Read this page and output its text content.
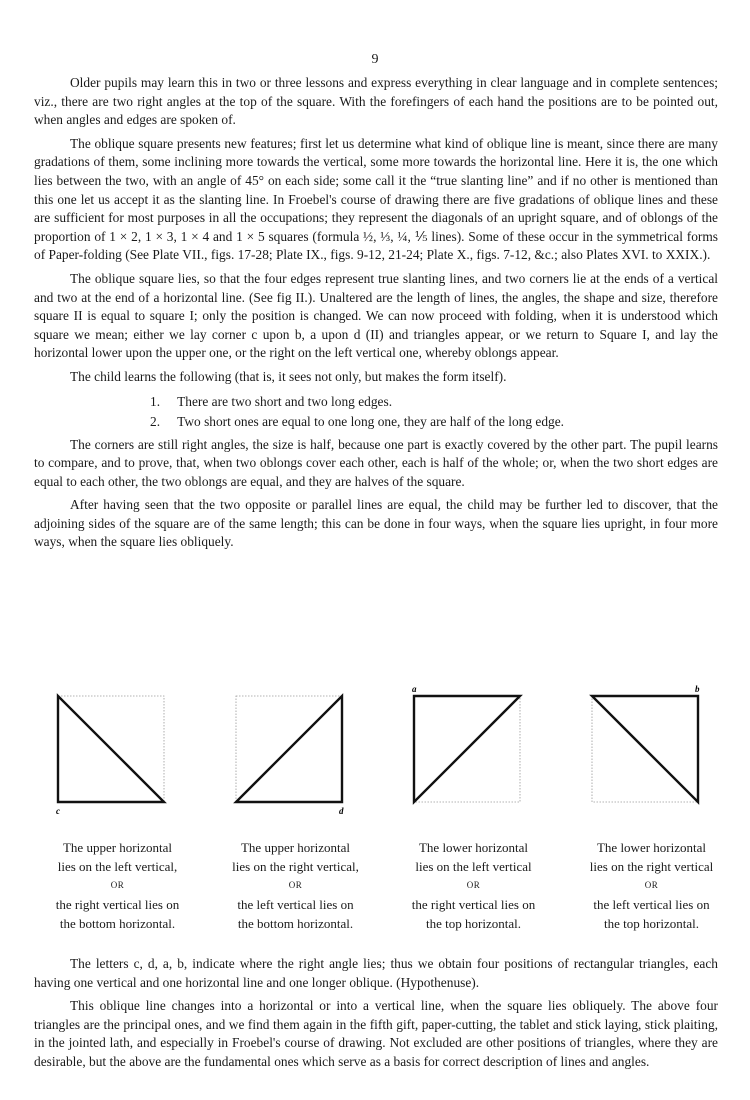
9

Older pupils may learn this in two or three lessons and express everything in clear language and in complete sentences; viz., there are two right angles at the top of the square. With the forefingers of each hand the positions are to be pointed out, when angles and edges are spoken of.

The oblique square presents new features; first let us determine what kind of oblique line is meant, since there are many gradations of them, some inclining more towards the vertical, some more towards the horizontal line. Here it is, the one which lies between the two, with an angle of 45° on each side; some call it the “true slanting line” and if no other is mentioned than this one let us accept it as the slanting line. In Froebel's course of drawing there are five gradations of oblique lines and these are sufficient for most purposes in all the occupations; they represent the diagonals of an upright square, and of oblongs of the proportion of 1 × 2, 1 × 3, 1 × 4 and 1 × 5 squares (formula ½, ⅓, ¼, ⅕ lines). Some of these occur in the symmetrical forms of Paper-folding (See Plate VII., figs. 17-28; Plate IX., figs. 9-12, 21-24; Plate X., figs. 7-12, &c.; also Plates XVI. to XXIX.).

The oblique square lies, so that the four edges represent true slanting lines, and two corners lie at the ends of a vertical and two at the end of a horizontal line. (See fig II.). Unaltered are the length of lines, the angles, the shape and size, therefore square II is equal to square I; only the position is changed. We can now proceed with folding, when it is understood which square we mean; either we lay corner c upon b, a upon d (II) and triangles appear, or we return to Square I, and lay the horizontal lower upon the upper one, or the right on the left vertical one, whereby oblongs appear.

The child learns the following (that is, it sees not only, but makes the form itself).

1. There are two short and two long edges.
2. Two short ones are equal to one long one, they are half of the long edge.

The corners are still right angles, the size is half, because one part is exactly covered by the other part. The pupil learns to compare, and to prove, that, when two oblongs cover each other, each is half of the whole; or, when the two short edges are equal to each other, the two oblongs are equal, and they are halves of the square.

After having seen that the two opposite or parallel lines are equal, the child may be further led to discover, that the adjoining sides of the square are of the same length; this can be done in four ways, when the square lies upright, in four more ways, when the square lies obliquely.

c
The upper horizontal
lies on the left vertical,
OR
the right vertical lies on
the bottom horizontal.
d
The upper horizontal
lies on the right vertical,
OR
the left vertical lies on
the bottom horizontal.
a
The lower horizontal
lies on the left vertical
OR
the right vertical lies on
the top horizontal.
b
The lower horizontal
lies on the right vertical
OR
the left vertical lies on
the top horizontal.

The letters c, d, a, b, indicate where the right angle lies; thus we obtain four positions of rectangular triangles, each having one vertical and one horizontal line and one longer oblique. (Hypothenuse).

This oblique line changes into a horizontal or into a vertical line, when the square lies obliquely. The above four triangles are the principal ones, and we find them again in the fifth gift, paper-cutting, the tablet and stick laying, stick plaiting, in the jointed lath, and especially in Froebel's course of drawing. Not excluded are other positions of triangles, where they are desirable, but the above are the fundamental ones which serve as a basis for correct description of lines and angles.
